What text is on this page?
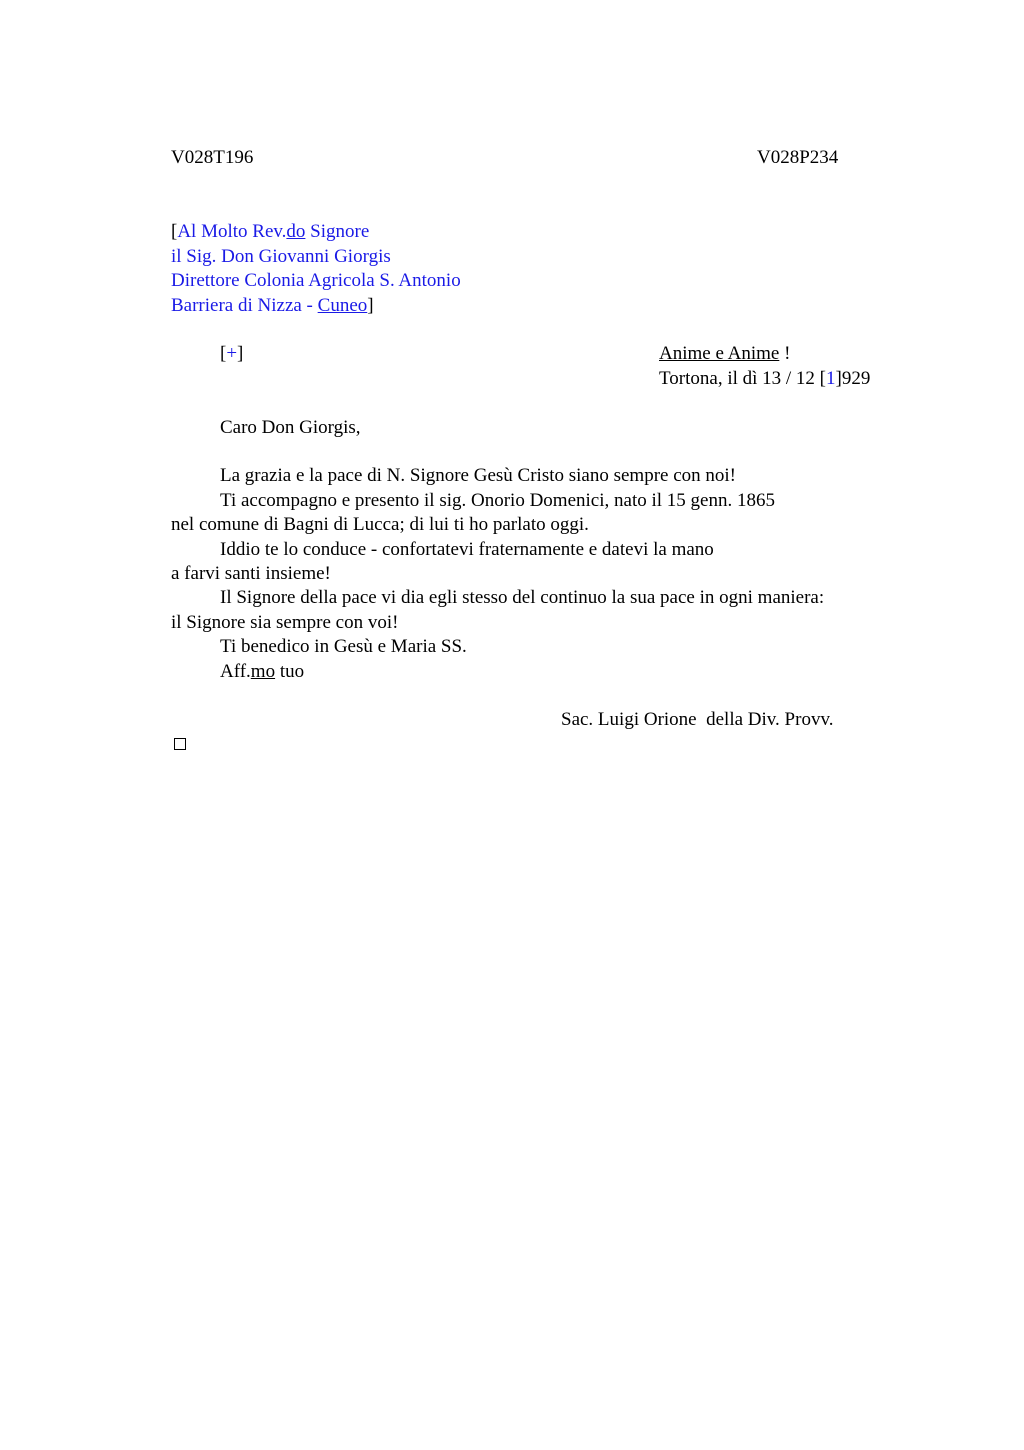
V028T196	V028P234
[Al Molto Rev.do Signore
il Sig. Don Giovanni Giorgis
Direttore Colonia Agricola S. Antonio
Barriera di Nizza - Cuneo]
[+]	Anime e Anime !
Tortona, il dì 13 / 12 [1]929
Caro Don Giorgis,
La grazia e la pace di N. Signore Gesù Cristo siano sempre con noi!
Ti accompagno e presento il sig. Onorio Domenici, nato il 15 genn. 1865
nel comune di Bagni di Lucca; di lui ti ho parlato oggi.
Iddio te lo conduce - confortatevi fraternamente e datevi la mano
a farvi santi insieme!
Il Signore della pace vi dia egli stesso del continuo la sua pace in ogni maniera:
il Signore sia sempre con voi!
Ti benedico in Gesù e Maria SS.
Aff.mo tuo
Sac. Luigi Orione  della Div. Provv.
